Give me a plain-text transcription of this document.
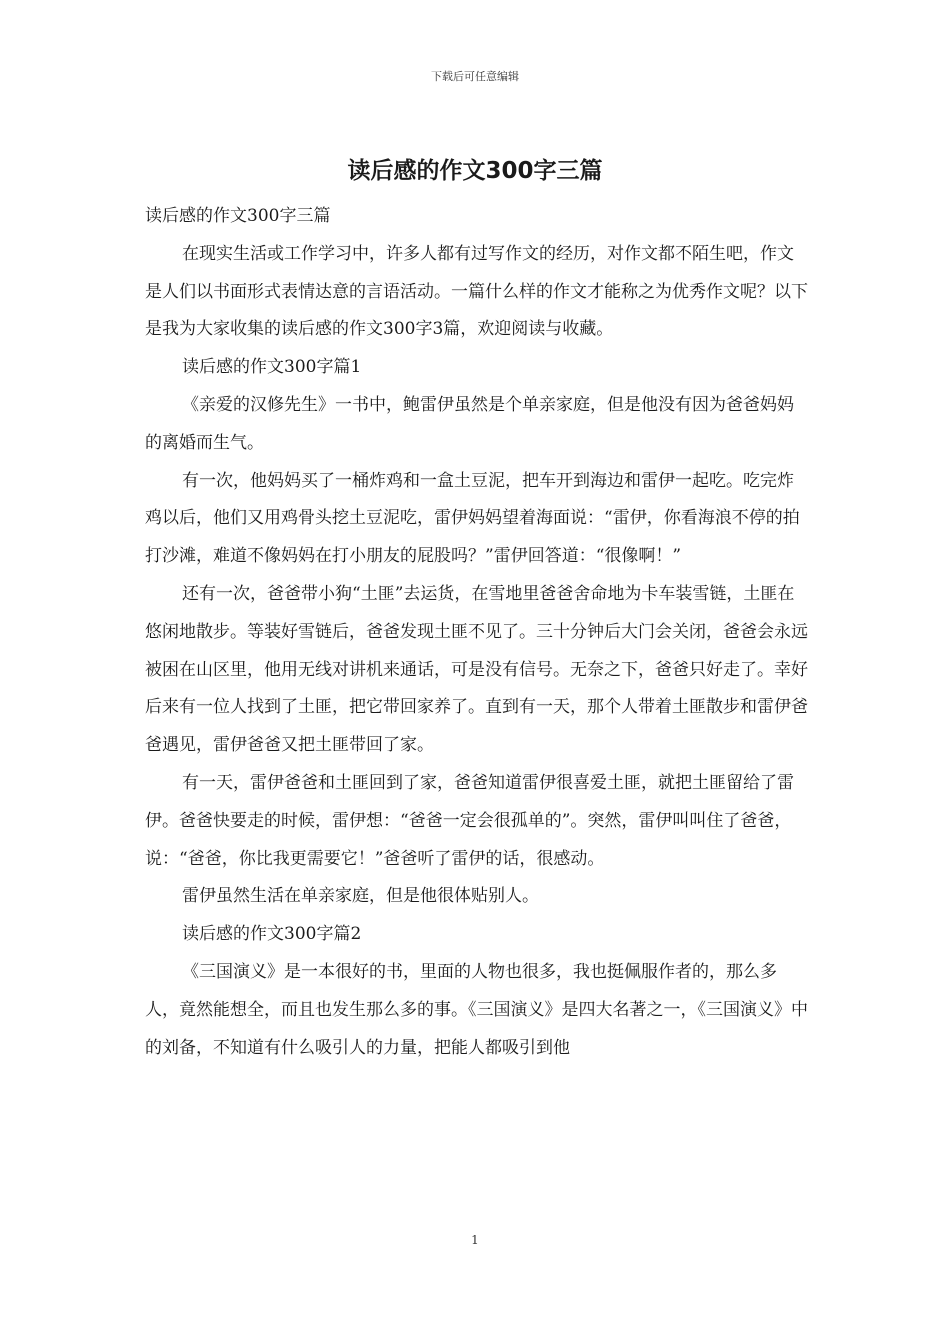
下载后可任意编辑
读后感的作文300字三篇

读后感的作文300字三篇

在现实生活或工作学习中，许多人都有过写作文的经历，对作文都不陌生吧，作文是人们以书面形式表情达意的言语活动。一篇什么样的作文才能称之为优秀作文呢？以下是我为大家收集的读后感的作文300字3篇，欢迎阅读与收藏。

读后感的作文300字篇1

《亲爱的汉修先生》一书中，鲍雷伊虽然是个单亲家庭，但是他没有因为爸爸妈妈的离婚而生气。

有一次，他妈妈买了一桶炸鸡和一盒土豆泥，把车开到海边和雷伊一起吃。吃完炸鸡以后，他们又用鸡骨头挖土豆泥吃，雷伊妈妈望着海面说：“雷伊，你看海浪不停的拍打沙滩，难道不像妈妈在打小朋友的屁股吗？”雷伊回答道：“很像啊！”

还有一次，爸爸带小狗“土匪”去运货，在雪地里爸爸舍命地为卡车装雪链，土匪在悠闲地散步。等装好雪链后，爸爸发现土匪不见了。三十分钟后大门会关闭，爸爸会永远被困在山区里，他用无线对讲机来通话，可是没有信号。无奈之下，爸爸只好走了。幸好后来有一位人找到了土匪，把它带回家养了。直到有一天，那个人带着土匪散步和雷伊爸爸遇见，雷伊爸爸又把土匪带回了家。

有一天，雷伊爸爸和土匪回到了家，爸爸知道雷伊很喜爱土匪，就把土匪留给了雷伊。爸爸快要走的时候，雷伊想：“爸爸一定会很孤单的”。突然，雷伊叫叫住了爸爸，说：“爸爸，你比我更需要它！”爸爸听了雷伊的话，很感动。

雷伊虽然生活在单亲家庭，但是他很体贴别人。

读后感的作文300字篇2

《三国演义》是一本很好的书，里面的人物也很多，我也挺佩服作者的，那么多人，竟然能想全，而且也发生那么多的事。《三国演义》是四大名著之一，《三国演义》中的刘备，不知道有什么吸引人的力量，把能人都吸引到他

1
